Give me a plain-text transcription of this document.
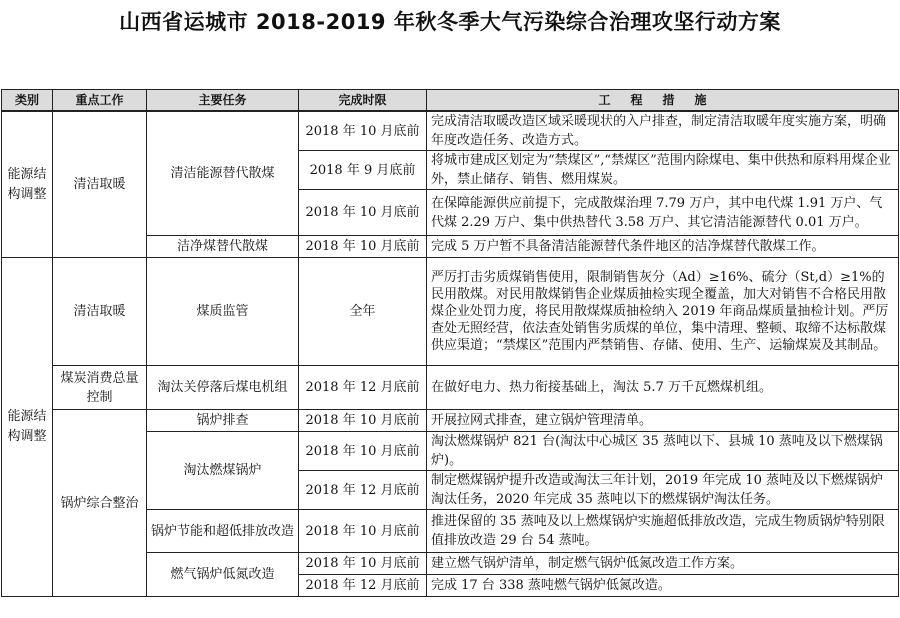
山西省运城市 2018-2019 年秋冬季大气污染综合治理攻坚行动方案
类别	重点工作	主要任务	完成时限	工程措施
能源结构调整	清洁取暖	清洁能源替代散煤	2018 年 10 月底前	完成清洁取暖改造区域采暖现状的入户排查，制定清洁取暖年度实施方案，明确年度改造任务、改造方式。
			2018 年 9 月底前	将城市建成区划定为“禁煤区”,“禁煤区”范围内除煤电、集中供热和原料用煤企业外，禁止储存、销售、燃用煤炭。
			2018 年 10 月底前	在保障能源供应前提下，完成散煤治理 7.79 万户，其中电代煤 1.91 万户、气代煤 2.29 万户、集中供热替代 3.58 万户、其它清洁能源替代 0.01 万户。
		洁净煤替代散煤	2018 年 10 月底前	完成 5 万户暂不具备清洁能源替代条件地区的洁净煤替代散煤工作。
能源结构调整	清洁取暖	煤质监管	全年	严厉打击劣质煤销售使用，限制销售灰分（Ad）≥16%、硫分（St,d）≥1%的民用散煤。对民用散煤销售企业煤质抽检实现全覆盖，加大对销售不合格民用散煤企业处罚力度，将民用散煤煤质抽检纳入 2019 年商品煤质量抽检计划。严厉查处无照经营，依法查处销售劣质煤的单位，集中清理、整顿、取缔不达标散煤供应渠道；“禁煤区”范围内严禁销售、存储、使用、生产、运输煤炭及其制品。
	煤炭消费总量控制	淘汰关停落后煤电机组	2018 年 12 月底前	在做好电力、热力衔接基础上，淘汰 5.7 万千瓦燃煤机组。
	锅炉综合整治	锅炉排查	2018 年 10 月底前	开展拉网式排查，建立锅炉管理清单。
		淘汰燃煤锅炉	2018 年 10 月底前	淘汰燃煤锅炉 821 台(淘汰中心城区 35 蒸吨以下、县城 10 蒸吨及以下燃煤锅炉)。
			2018 年 12 月底前	制定燃煤锅炉提升改造或淘汰三年计划，2019 年完成 10 蒸吨及以下燃煤锅炉淘汰任务，2020 年完成 35 蒸吨以下的燃煤锅炉淘汰任务。
		锅炉节能和超低排放改造	2018 年 10 月底前	推进保留的 35 蒸吨及以上燃煤锅炉实施超低排放改造，完成生物质锅炉特别限值排放改造 29 台 54 蒸吨。
		燃气锅炉低氮改造	2018 年 10 月底前	建立燃气锅炉清单，制定燃气锅炉低氮改造工作方案。
			2018 年 12 月底前	完成 17 台 338 蒸吨燃气锅炉低氮改造。
